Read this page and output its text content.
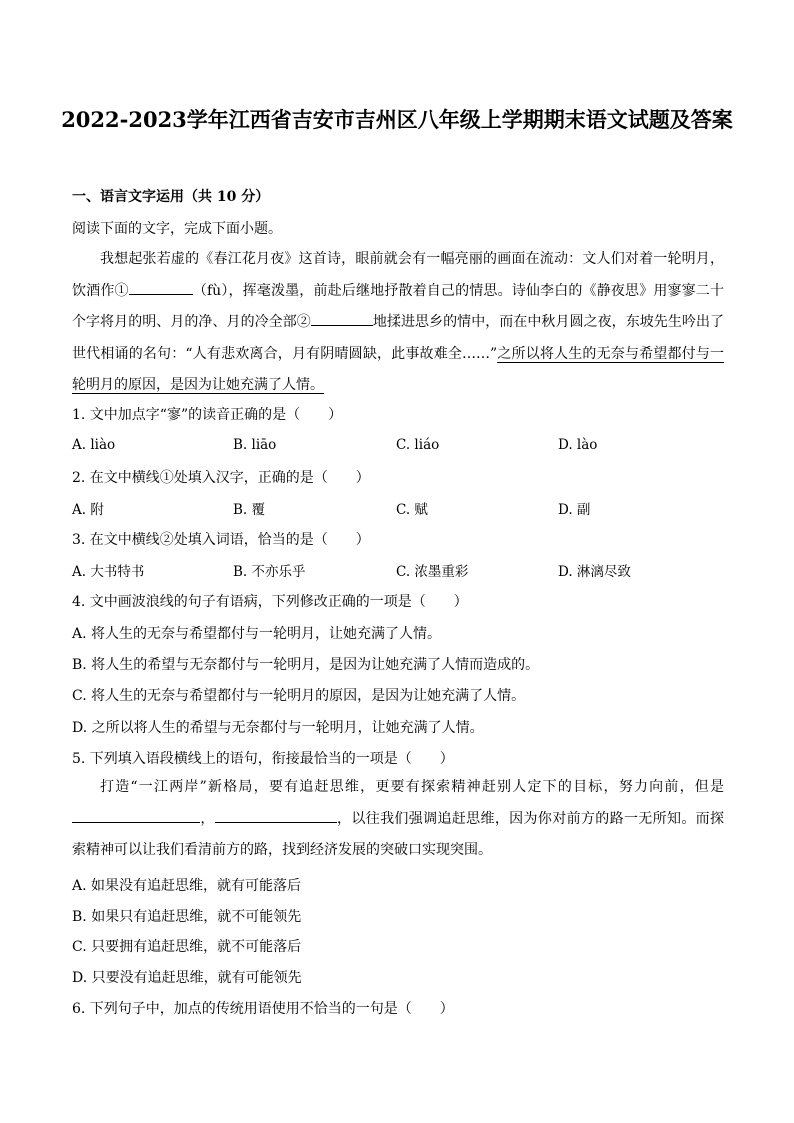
2022-2023学年江西省吉安市吉州区八年级上学期期末语文试题及答案
一、语言文字运用（共 10 分）
阅读下面的文字，完成下面小题。
我想起张若虚的《春江花月夜》这首诗，眼前就会有一幅亮丽的画面在流动：文人们对着一轮明月，饮酒作①	（fù），挥毫泼墨，前赴后继地抒散着自己的情思。诗仙李白的《静夜思》用寥寥二十个字将月的明、月的净、月的冷全部②	地揉进思乡的情中，而在中秋月圆之夜，东坡先生吟出了世代相诵的名句：“人有悲欢离合，月有阴晴圆缺，此事故难全……”之所以将人生的无奈与希望都付与一轮明月的原因，是因为让她充满了人情。
1. 文中加点字“寥”的读音正确的是（　　）
A. liào	B. liāo	C. liáo	D. lào
2. 在文中横线①处填入汉字，正确的是（　　）
A. 附	B. 覆	C. 赋	D. 副
3. 在文中横线②处填入词语，恰当的是（　　）
A. 大书特书	B. 不亦乐乎	C. 浓墨重彩	D. 淋漓尽致
4. 文中画波浪线的句子有语病，下列修改正确的一项是（　　）
A. 将人生的无奈与希望都付与一轮明月，让她充满了人情。
B. 将人生的希望与无奈都付与一轮明月，是因为让她充满了人情而造成的。
C. 将人生的无奈与希望都付与一轮明月的原因，是因为让她充满了人情。
D. 之所以将人生的希望与无奈都付与一轮明月，让她充满了人情。
5. 下列填入语段横线上的语句，衔接最恰当的一项是（　　）
打造“一江两岸”新格局，要有追赶思维，更要有探索精神赶别人定下的目标，努力向前，但是，	，以往我们强调追赶思维，因为你对前方的路一无所知。而探索精神可以让我们看清前方的路，找到经济发展的突破口实现突围。
A. 如果没有追赶思维，就有可能落后
B. 如果只有追赶思维，就不可能领先
C. 只要拥有追赶思维，就不可能落后
D. 只要没有追赶思维，就有可能领先
6. 下列句子中，加点的传统用语使用不恰当的一句是（　　）
